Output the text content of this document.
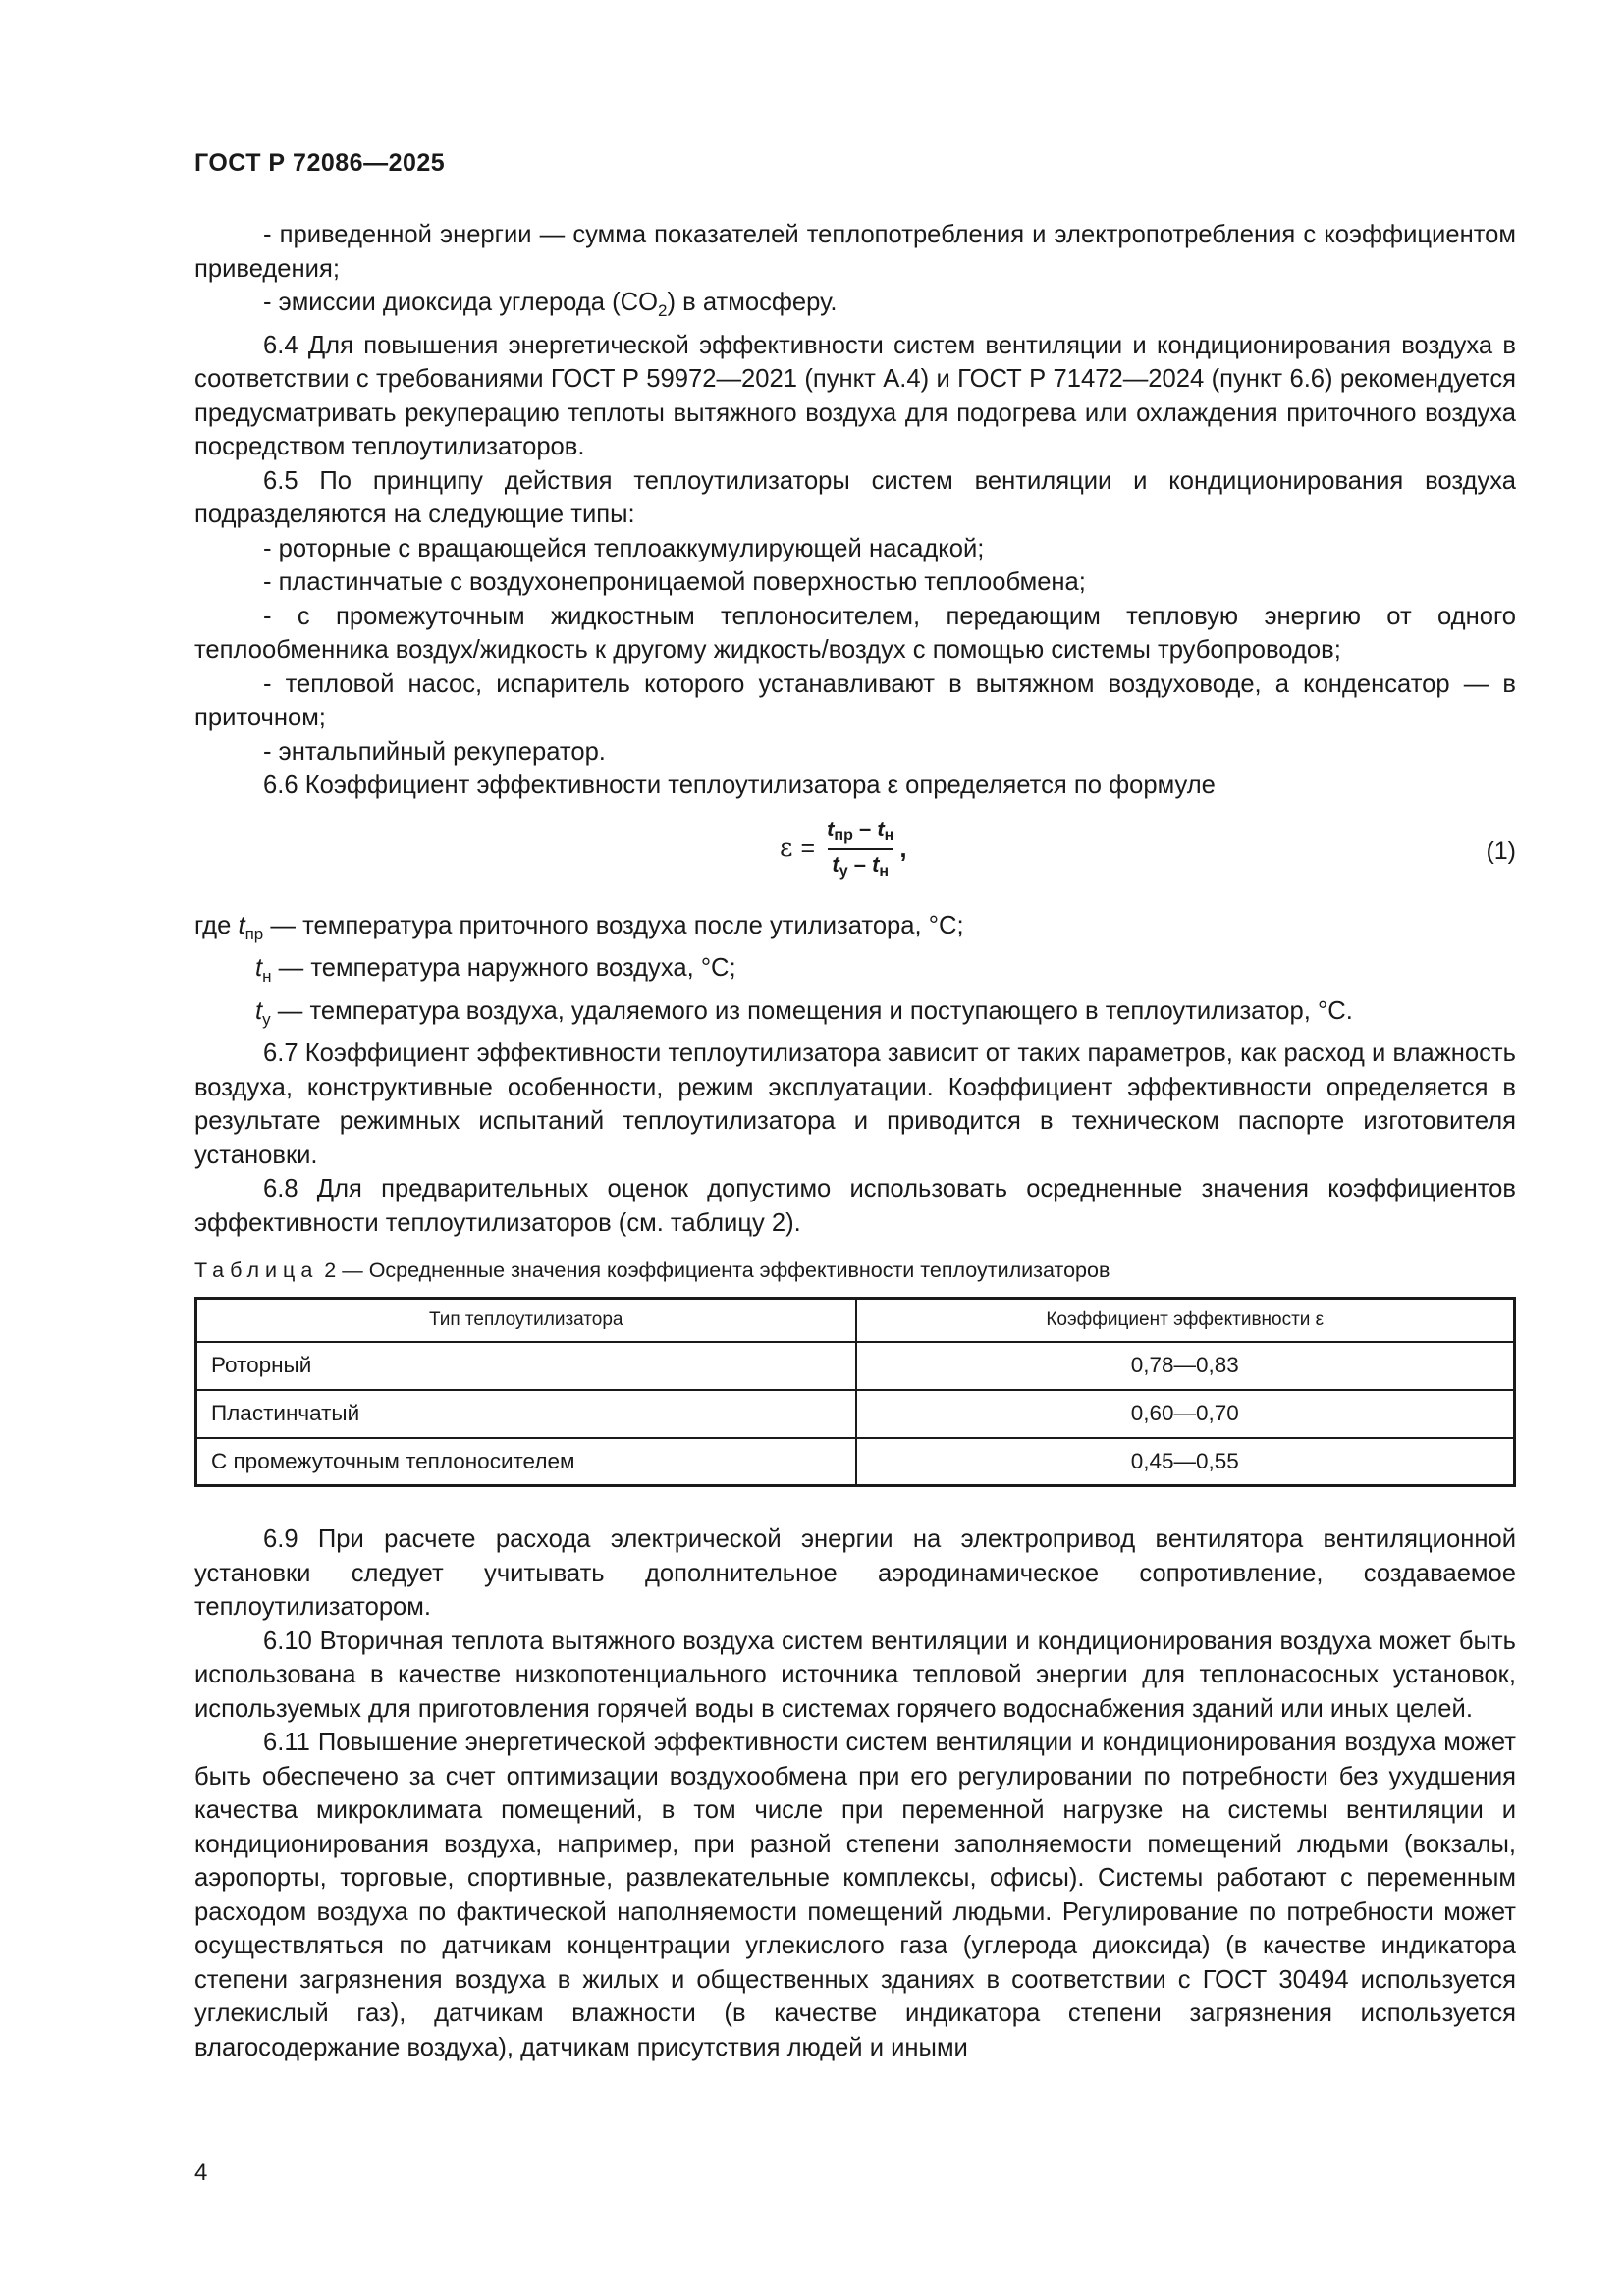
ГОСТ Р 72086—2025

- приведенной энергии — сумма показателей теплопотребления и электропотребления с коэффициентом приведения;

- эмиссии диоксида углерода $(CO_2)$ в атмосферу.

6.4 Для повышения энергетической эффективности систем вентиляции и кондиционирования воздуха в соответствии с требованиями ГОСТ Р 59972—2021 (пункт А.4) и ГОСТ Р 71472—2024 (пункт 6.6) рекомендуется предусматривать рекуперацию теплоты вытяжного воздуха для подогрева или охлаждения приточного воздуха посредством теплоутилизаторов.

6.5 По принципу действия теплоутилизаторы систем вентиляции и кондиционирования воздуха подразделяются на следующие типы:

- роторные с вращающейся теплоаккумулирующей насадкой;

- пластинчатые с воздухонепроницаемой поверхностью теплообмена;

- с промежуточным жидкостным теплоносителем, передающим тепловую энергию от одного теплообменника воздух/жидкость к другому жидкость/воздух с помощью системы трубопроводов;

- тепловой насос, испаритель которого устанавливают в вытяжном воздуховоде, а конденсатор — в приточном;

- энтальпийный рекуператор.

6.6 Коэффициент эффективности теплоутилизатора ε определяется по формуле

$\varepsilon = \frac{t_{пр} - t_н}{t_у - t_н}$ ,	(1)

где $t_{пр}$ — температура приточного воздуха после утилизатора, °C;

$t_н$ — температура наружного воздуха, °C;

$t_у$ — температура воздуха, удаляемого из помещения и поступающего в теплоутилизатор, °C.

6.7 Коэффициент эффективности теплоутилизатора зависит от таких параметров, как расход и влажность воздуха, конструктивные особенности, режим эксплуатации. Коэффициент эффективности определяется в результате режимных испытаний теплоутилизатора и приводится в техническом паспорте изготовителя установки.

6.8 Для предварительных оценок допустимо использовать осредненные значения коэффициентов эффективности теплоутилизаторов (см. таблицу 2).

Таблица 2 — Осредненные значения коэффициента эффективности теплоутилизаторов
Тип теплоутилизатора	Коэффициент эффективности ε
Роторный	0,78—0,83
Пластинчатый	0,60—0,70
С промежуточным теплоносителем	0,45—0,55

6.9 При расчете расхода электрической энергии на электропривод вентилятора вентиляционной установки следует учитывать дополнительное аэродинамическое сопротивление, создаваемое теплоутилизатором.

6.10 Вторичная теплота вытяжного воздуха систем вентиляции и кондиционирования воздуха может быть использована в качестве низкопотенциального источника тепловой энергии для теплонасосных установок, используемых для приготовления горячей воды в системах горячего водоснабжения зданий или иных целей.

6.11 Повышение энергетической эффективности систем вентиляции и кондиционирования воздуха может быть обеспечено за счет оптимизации воздухообмена при его регулировании по потребности без ухудшения качества микроклимата помещений, в том числе при переменной нагрузке на системы вентиляции и кондиционирования воздуха, например, при разной степени заполняемости помещений людьми (вокзалы, аэропорты, торговые, спортивные, развлекательные комплексы, офисы). Системы работают с переменным расходом воздуха по фактической наполняемости помещений людьми. Регулирование по потребности может осуществляться по датчикам концентрации углекислого газа (углерода диоксида) (в качестве индикатора степени загрязнения воздуха в жилых и общественных зданиях в соответствии с ГОСТ 30494 используется углекислый газ), датчикам влажности (в качестве индикатора степени загрязнения используется влагосодержание воздуха), датчикам присутствия людей и иными

4
